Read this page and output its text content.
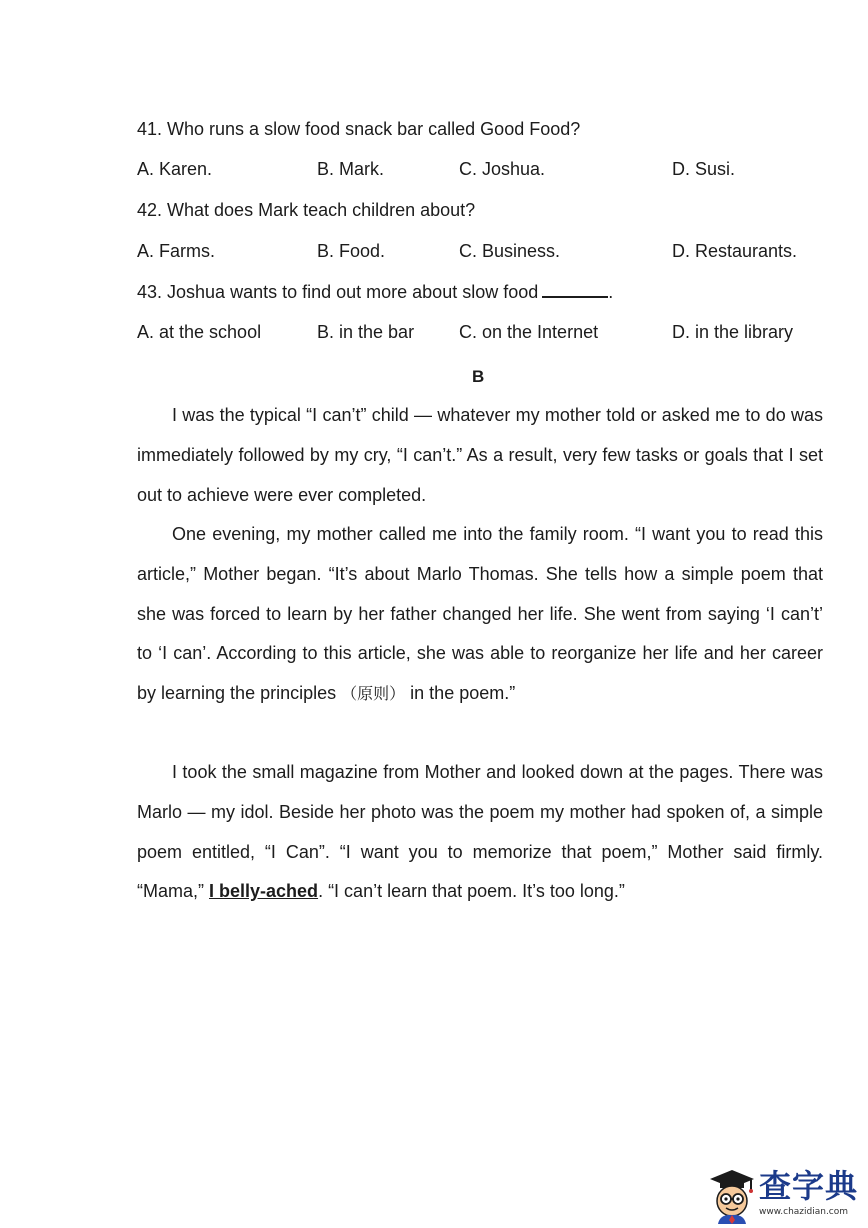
41. Who runs a slow food snack bar called Good Food?
A. Karen.	B. Mark.	C. Joshua.	D. Susi.
42. What does Mark teach children about?
A. Farms.	B. Food.	C. Business.	D. Restaurants.
43. Joshua wants to find out more about slow food	.
A. at the school	B. in the bar C. on the Internet	D. in the library
B

I was the typical “I can’t” child — whatever my mother told or asked me to do was immediately followed by my cry, “I can’t.” As a result, very few tasks or goals that I set out to achieve were ever completed.

One evening, my mother called me into the family room. “I want you to read this article,” Mother began. “It’s about Marlo Thomas. She tells how a simple poem that she was forced to learn by her father changed her life. She went from saying ‘I can’t’ to ‘I can’. According to this article, she was able to reorganize her life and her career by learning the principles （原则） in the poem.”

I took the small magazine from Mother and looked down at the pages. There was Marlo — my idol. Beside her photo was the poem my mother had spoken of, a simple poem entitled, “I Can”. “I want you to memorize that poem,” Mother said firmly. “Mama,” I belly-ached. “I can’t learn that poem. It’s too long.”

查字典
www.chazidian.com
